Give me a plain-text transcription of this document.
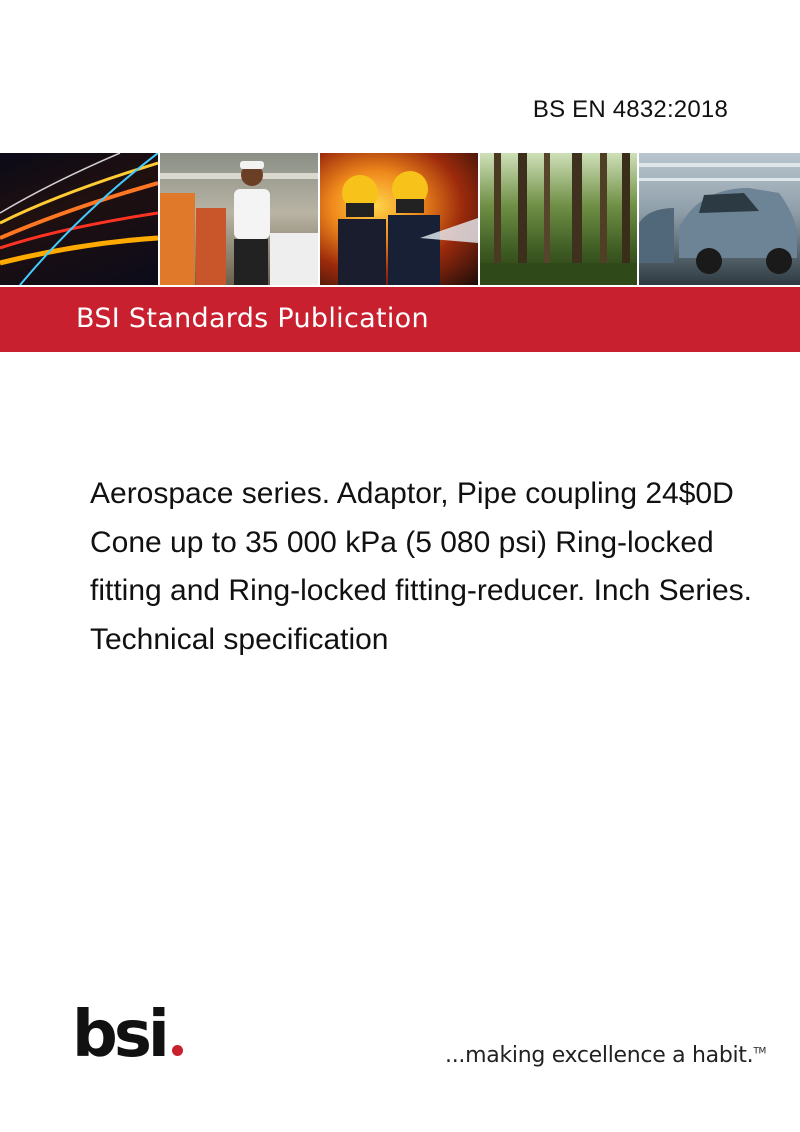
BS EN 4832:2018
BSI Standards Publication
Aerospace series. Adaptor, Pipe coupling 24$0D Cone up to 35 000 kPa (5 080 psi) Ring-locked fitting and Ring-locked fitting-reducer. Inch Series. Technical specification
bsi	...making excellence a habit.™
